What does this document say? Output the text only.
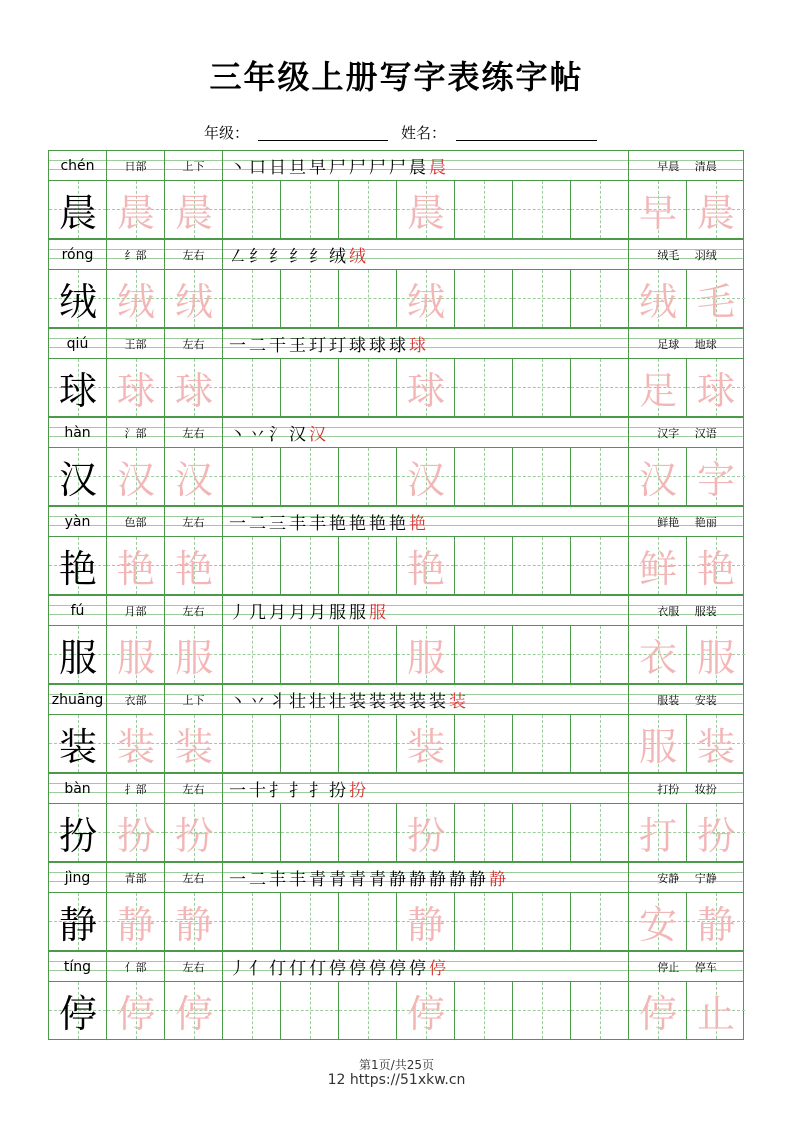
三年级上册写字表练字帖
年级：	姓名：
chén	日部	上下	丶 口 日 旦 早 尸 尸 尸 尸 晨 晨	早晨 清晨
晨 晨 晨	晨	早 晨
róng	纟部	左右	㇜ 纟 纟 纟 纟 绒 绒	绒毛 羽绒
绒 绒 绒	绒	绒 毛
qiú	王部	左右	一 二 干 王 玎 玎 球 球 球 球	足球 地球
球 球 球	球	足 球
hàn	氵部	左右	丶 丷 氵 汉 汉	汉字 汉语
汉 汉 汉	汉	汉 字
yàn	色部	左右	一 二 三 丰 丰 艳 艳 艳 艳 艳	鲜艳 艳丽
艳 艳 艳	艳	鲜 艳
fú	月部	左右	丿 几 月 月 月 服 服 服	衣服 服装
服 服 服	服	衣 服
zhuāng	衣部	上下	丶 丷 丬 壮 壮 壮 装 装 装 装 装 装	服装 安装
装 装 装	装	服 装
bàn	扌部	左右	一 十 扌 扌 扌 扮 扮	打扮 妆扮
扮 扮 扮	扮	打 扮
jìng	青部	左右	一 二 丰 丰 青 青 青 青 静 静 静 静 静 静	安静 宁静
静 静 静	静	安 静
tíng	亻部	左右	丿 亻 仃 仃 仃 停 停 停 停 停 停	停止 停车
停 停 停	停	停 止
第1页/共25页
12 https://51xkw.cn
